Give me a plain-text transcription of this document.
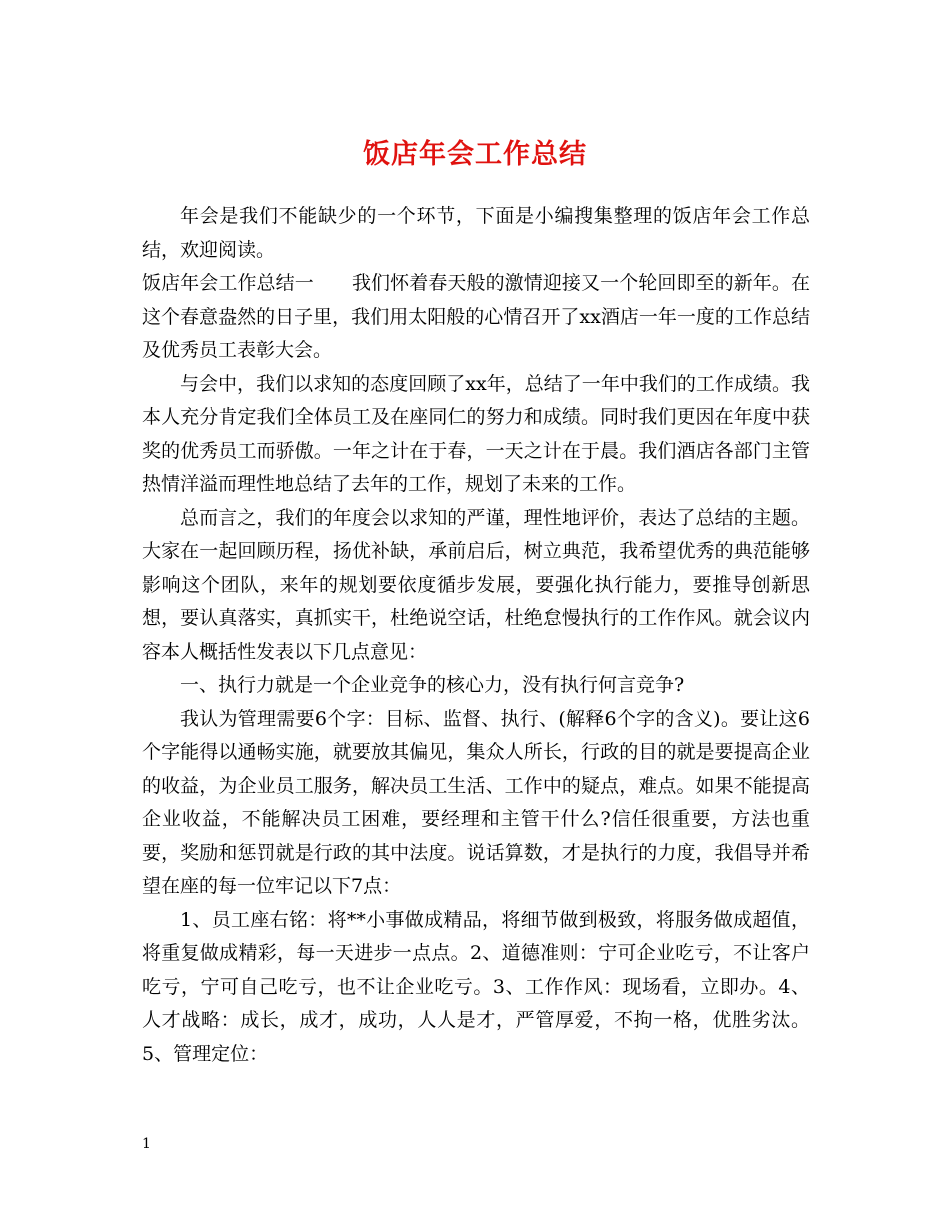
饭店年会工作总结

年会是我们不能缺少的一个环节，下面是小编搜集整理的饭店年会工作总结，欢迎阅读。

饭店年会工作总结一　　我们怀着春天般的激情迎接又一个轮回即至的新年。在这个春意盎然的日子里，我们用太阳般的心情召开了xx酒店一年一度的工作总结及优秀员工表彰大会。

与会中，我们以求知的态度回顾了xx年，总结了一年中我们的工作成绩。我本人充分肯定我们全体员工及在座同仁的努力和成绩。同时我们更因在年度中获奖的优秀员工而骄傲。一年之计在于春，一天之计在于晨。我们酒店各部门主管热情洋溢而理性地总结了去年的工作，规划了未来的工作。

总而言之，我们的年度会以求知的严谨，理性地评价，表达了总结的主题。大家在一起回顾历程，扬优补缺，承前启后，树立典范，我希望优秀的典范能够影响这个团队，来年的规划要依度循步发展，要强化执行能力，要推导创新思想，要认真落实，真抓实干，杜绝说空话，杜绝怠慢执行的工作作风。就会议内容本人概括性发表以下几点意见：

一、执行力就是一个企业竞争的核心力，没有执行何言竞争?

我认为管理需要6个字：目标、监督、执行、(解释6个字的含义)。要让这6个字能得以通畅实施，就要放其偏见，集众人所长，行政的目的就是要提高企业的收益，为企业员工服务，解决员工生活、工作中的疑点，难点。如果不能提高企业收益，不能解决员工困难，要经理和主管干什么?信任很重要，方法也重要，奖励和惩罚就是行政的其中法度。说话算数，才是执行的力度，我倡导并希望在座的每一位牢记以下7点：

1、员工座右铭：将**小事做成精品，将细节做到极致，将服务做成超值，将重复做成精彩，每一天进步一点点。2、道德准则：宁可企业吃亏，不让客户吃亏，宁可自己吃亏，也不让企业吃亏。3、工作作风：现场看，立即办。4、人才战略：成长，成才，成功，人人是才，严管厚爱，不拘一格，优胜劣汰。5、管理定位：

1
